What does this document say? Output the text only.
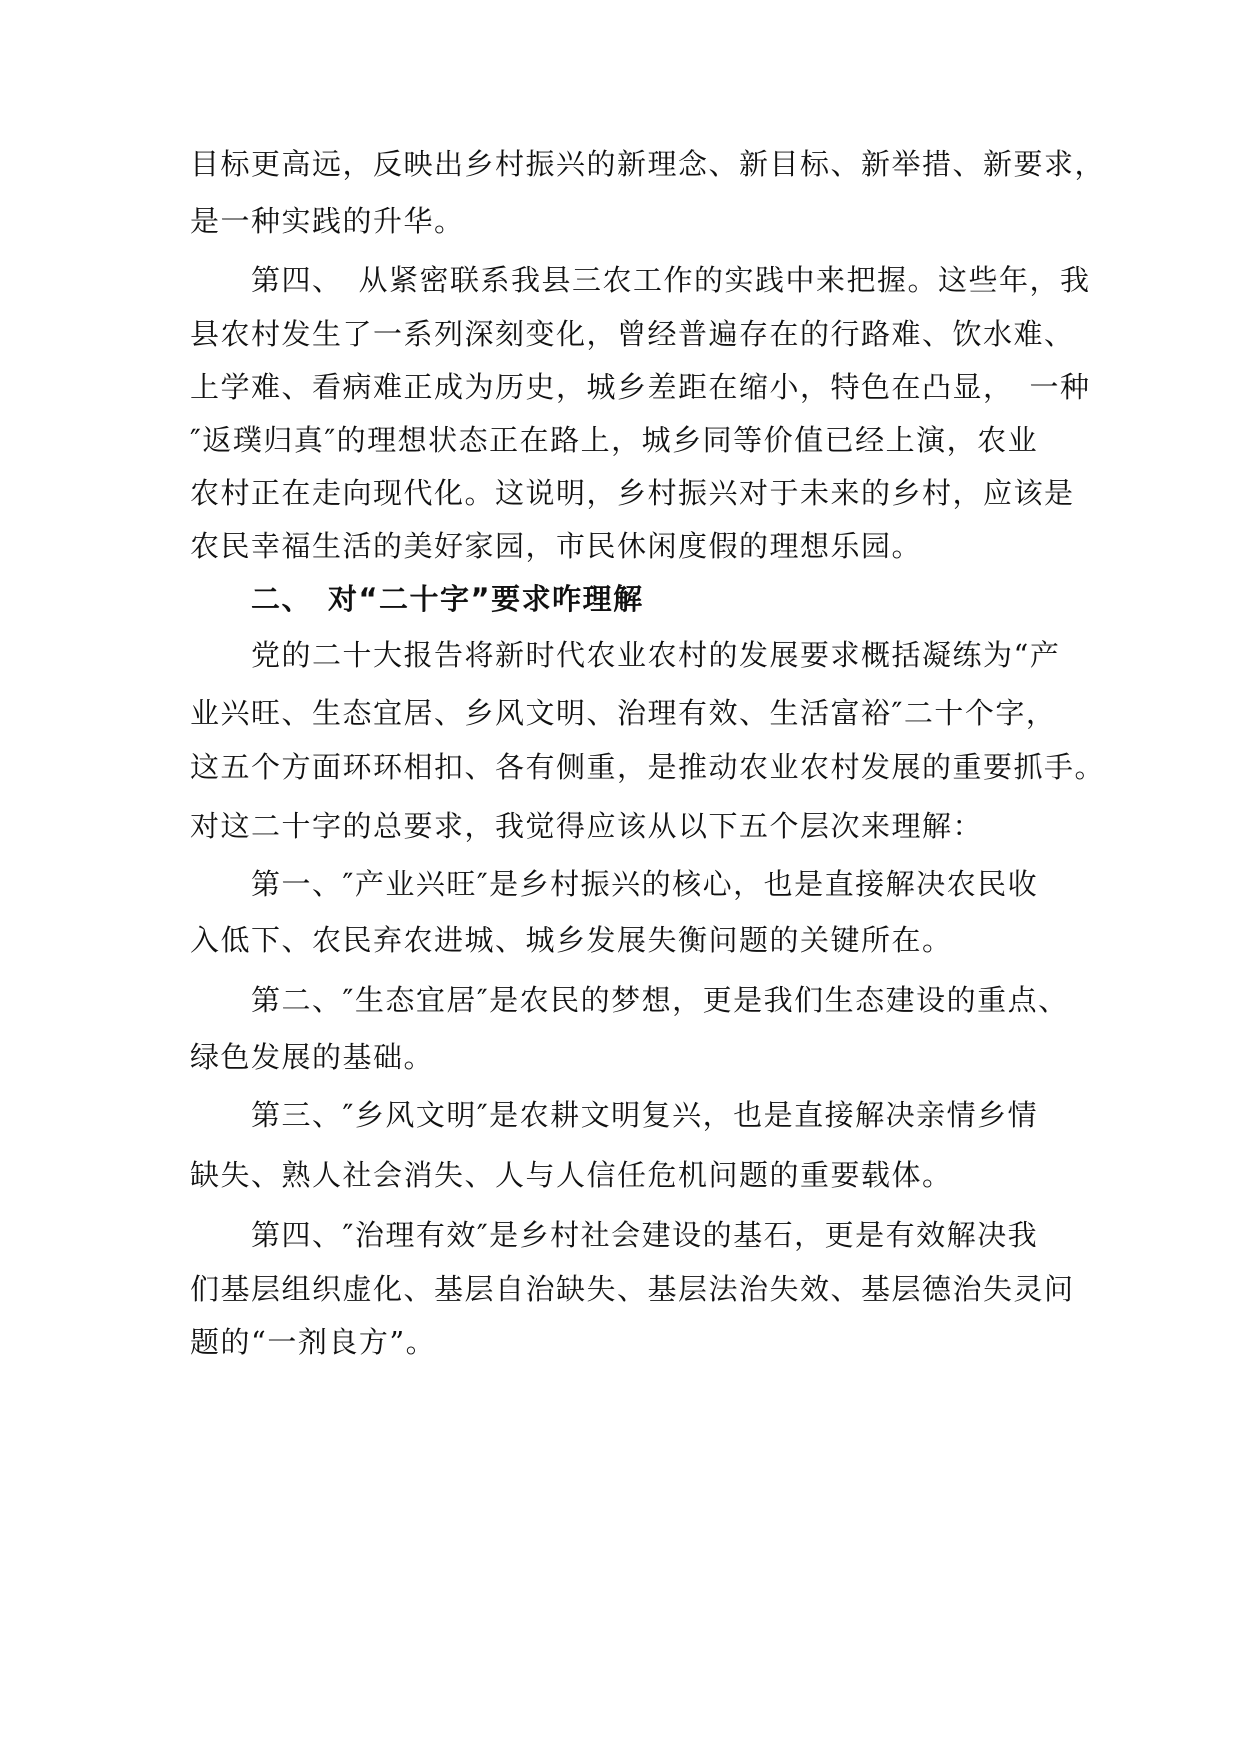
目标更高远，反映出乡村振兴的新理念、新目标、新举措、新要求，
是一种实践的升华。
　　第四、　从紧密联系我县三农工作的实践中来把握。这些年，我
县农村发生了一系列深刻变化，曾经普遍存在的行路难、饮水难、
上学难、看病难正成为历史，城乡差距在缩小，特色在凸显，　一种
″返璞归真″的理想状态正在路上，城乡同等价值已经上演，农业
农村正在走向现代化。这说明，乡村振兴对于未来的乡村，应该是
农民幸福生活的美好家园，市民休闲度假的理想乐园。
　　二、　对“二十字”要求咋理解
　　党的二十大报告将新时代农业农村的发展要求概括凝练为“产
业兴旺、生态宜居、乡风文明、治理有效、生活富裕″二十个字，
这五个方面环环相扣、各有侧重，是推动农业农村发展的重要抓手。
对这二十字的总要求，我觉得应该从以下五个层次来理解：
　　第一、″产业兴旺″是乡村振兴的核心，也是直接解决农民收
入低下、农民弃农进城、城乡发展失衡问题的关键所在。
　　第二、″生态宜居″是农民的梦想，更是我们生态建设的重点、
绿色发展的基础。
　　第三、″乡风文明″是农耕文明复兴，也是直接解决亲情乡情
缺失、熟人社会消失、人与人信任危机问题的重要载体。
　　第四、″治理有效″是乡村社会建设的基石，更是有效解决我
们基层组织虚化、基层自治缺失、基层法治失效、基层德治失灵问
题的“一剂良方”。
